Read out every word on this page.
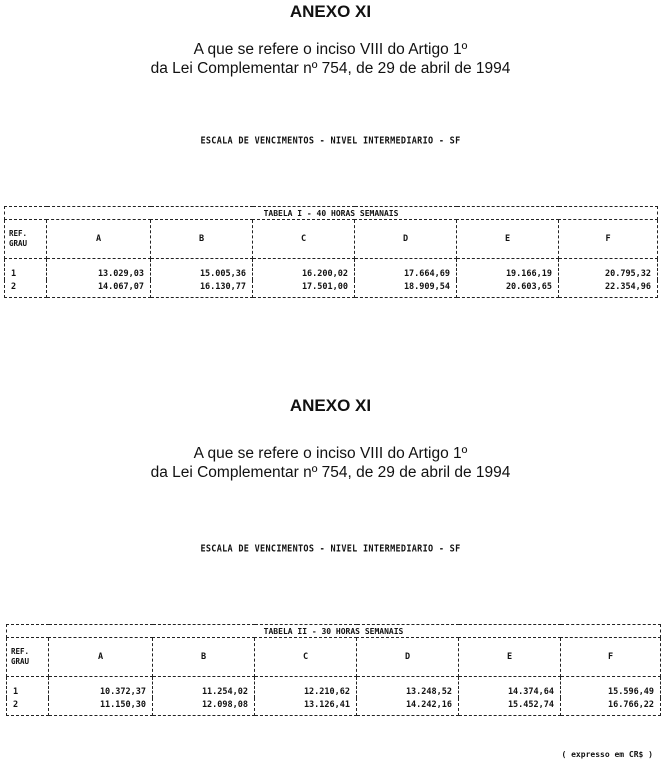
ANEXO XI

A que se refere o inciso VIII do Artigo 1º

da Lei Complementar nº 754, de 29 de abril de 1994

ESCALA DE VENCIMENTOS - NIVEL INTERMEDIARIO - SF
TABELA I - 40 HORAS SEMANAIS						

REF.
GRAU	A	B	C	D	E	F
1	13.029,03	15.005,36	16.200,02	17.664,69	19.166,19	20.795,32
2	14.067,07	16.130,77	17.501,00	18.909,54	20.603,65	22.354,96

ANEXO XI

A que se refere o inciso VIII do Artigo 1º

da Lei Complementar nº 754, de 29 de abril de 1994

ESCALA DE VENCIMENTOS - NIVEL INTERMEDIARIO - SF
TABELA II - 30 HORAS SEMANAIS						

REF.
GRAU	A	B	C	D	E	F
1	10.372,37	11.254,02	12.210,62	13.248,52	14.374,64	15.596,49
2	11.150,30	12.098,08	13.126,41	14.242,16	15.452,74	16.766,22
( expresso em CR$ )
